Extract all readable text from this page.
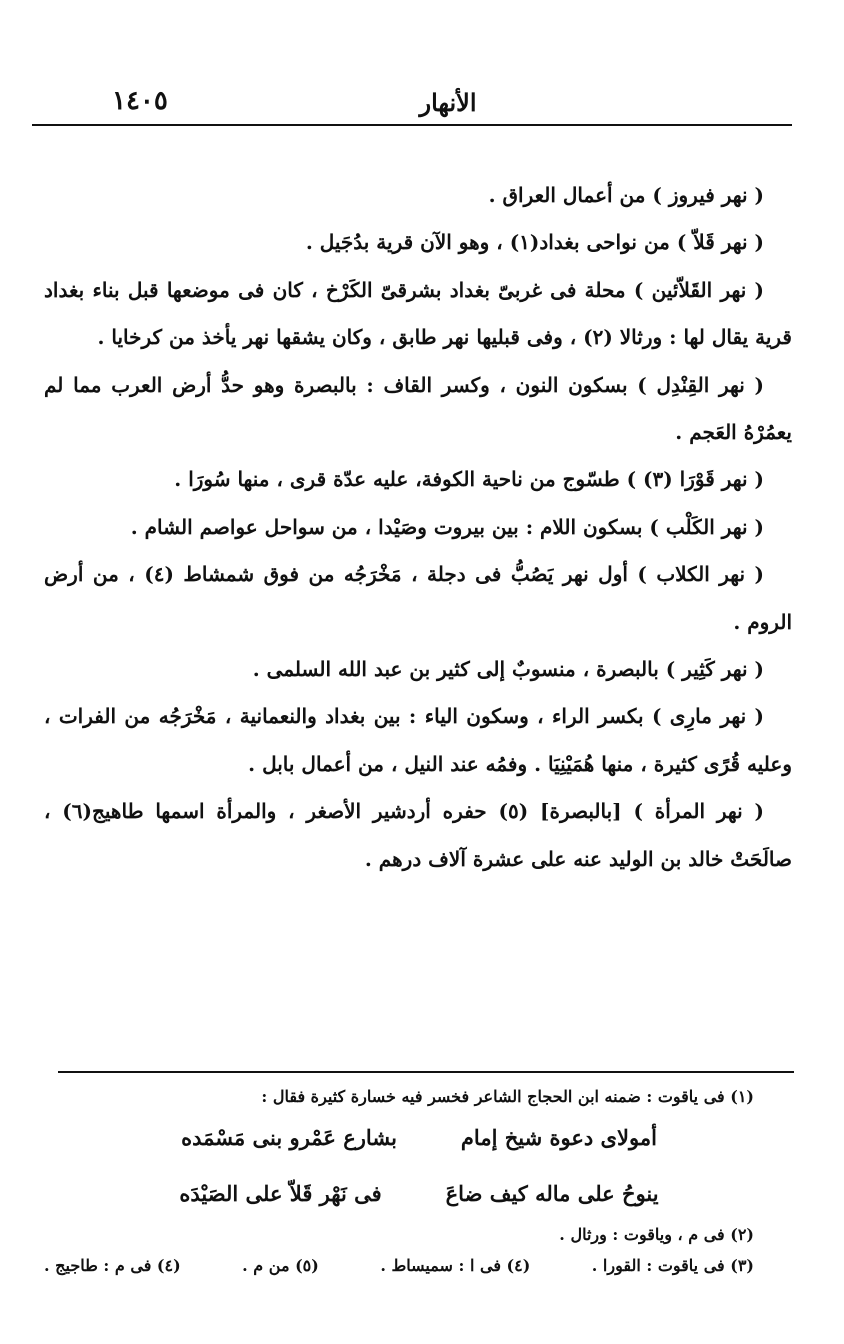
الأنهار
١٤٠٥

( نهر فيروز ) من أعمال العراق .

( نهر قَلاّ ) من نواحى بغداد(١) ، وهو الآن قرية بدُجَيل .

( نهر القَلاّئين ) محلة فى غربىّ بغداد بشرقىّ الكَرْخ ، كان فى موضعها قبل بناء بغداد قرية يقال لها : ورثالا (٢) ، وفى قبليها نهر طابق ، وكان يشقها نهر يأخذ من كرخايا .

( نهر القِنْدِل ) بسكون النون ، وكسر القاف : بالبصرة وهو حدُّ أرض العرب مما لم يعمُرْهُ العَجم .

( نهر قَوْرَا (٣) ) طسّوج من ناحية الكوفة، عليه عدّة قرى ، منها سُورَا .

( نهر الكَلْب ) بسكون اللام : بين بيروت وصَيْدا ، من سواحل عواصم الشام .

( نهر الكلاب ) أول نهر يَصُبُّ فى دجلة ، مَخْرَجُه من فوق شمشاط (٤) ، من أرض الروم .

( نهر كَثِير ) بالبصرة ، منسوبٌ إلى كثير بن عبد الله السلمى .

( نهر مارِى ) بكسر الراء ، وسكون الياء : بين بغداد والنعمانية ، مَخْرَجُه من الفرات ، وعليه قُرًى كثيرة ، منها هُمَيْنِيَا . وفمُه عند النيل ، من أعمال بابل .

( نهر المرأة ) [بالبصرة] (٥) حفره أردشير الأصغر ، والمرأة اسمها طاهيج(٦) ، صالَحَتْ خالد بن الوليد عنه على عشرة آلاف درهم .

(١) فى ياقوت : ضمنه ابن الحجاج الشاعر فخسر فيه خسارة كثيرة فقال :
أمولاى دعوة شيخ إمام
بشارع عَمْرو بنى مَسْمَده
ينوحُ على ماله كيف ضاعَ
فى نَهْر قَلاّ على الصَيْدَه
(٢) فى م ، وياقوت : ورثال .
(٣) فى ياقوت : القورا .
(٤) فى ا : سميساط .
(٥) من م .
(٤) فى م : طاجيج .
